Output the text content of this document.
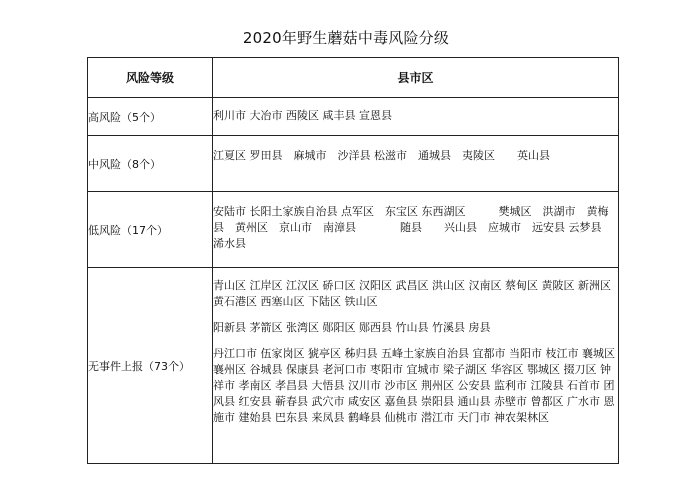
2020年野生蘑菇中毒风险分级
风险等级	县市区
高风险（5个）	利川市 大冶市 西陵区 咸丰县 宣恩县

中风险（8个）	江夏区 罗田县　麻城市　沙洋县 松滋市　通城县　夷陵区　　英山县

低风险（17个）	安陆市 长阳土家族自治县 点军区　东宝区 东西湖区　　　樊城区　洪湖市　黄梅县　黄州区　京山市　南漳县　　　　随县　　兴山县　应城市　远安县 云梦县　浠水县

无事件上报（73个）	青山区 江岸区 江汉区 硚口区 汉阳区 武昌区 洪山区 汉南区 蔡甸区 黄陂区 新洲区 黄石港区 西塞山区 下陆区 铁山区

阳新县 茅箭区 张湾区 郧阳区 郧西县 竹山县 竹溪县 房县

丹江口市 伍家岗区 猇亭区 秭归县 五峰土家族自治县 宜都市 当阳市 枝江市 襄城区 襄州区 谷城县 保康县 老河口市 枣阳市 宜城市 梁子湖区 华容区 鄂城区 掇刀区 钟祥市 孝南区 孝昌县 大悟县 汉川市 沙市区 荆州区 公安县 监利市 江陵县 石首市 团风县 红安县 蕲春县 武穴市 咸安区 嘉鱼县 崇阳县 通山县 赤壁市 曾都区 广水市 恩施市 建始县 巴东县 来凤县 鹤峰县 仙桃市 潜江市 天门市 神农架林区
